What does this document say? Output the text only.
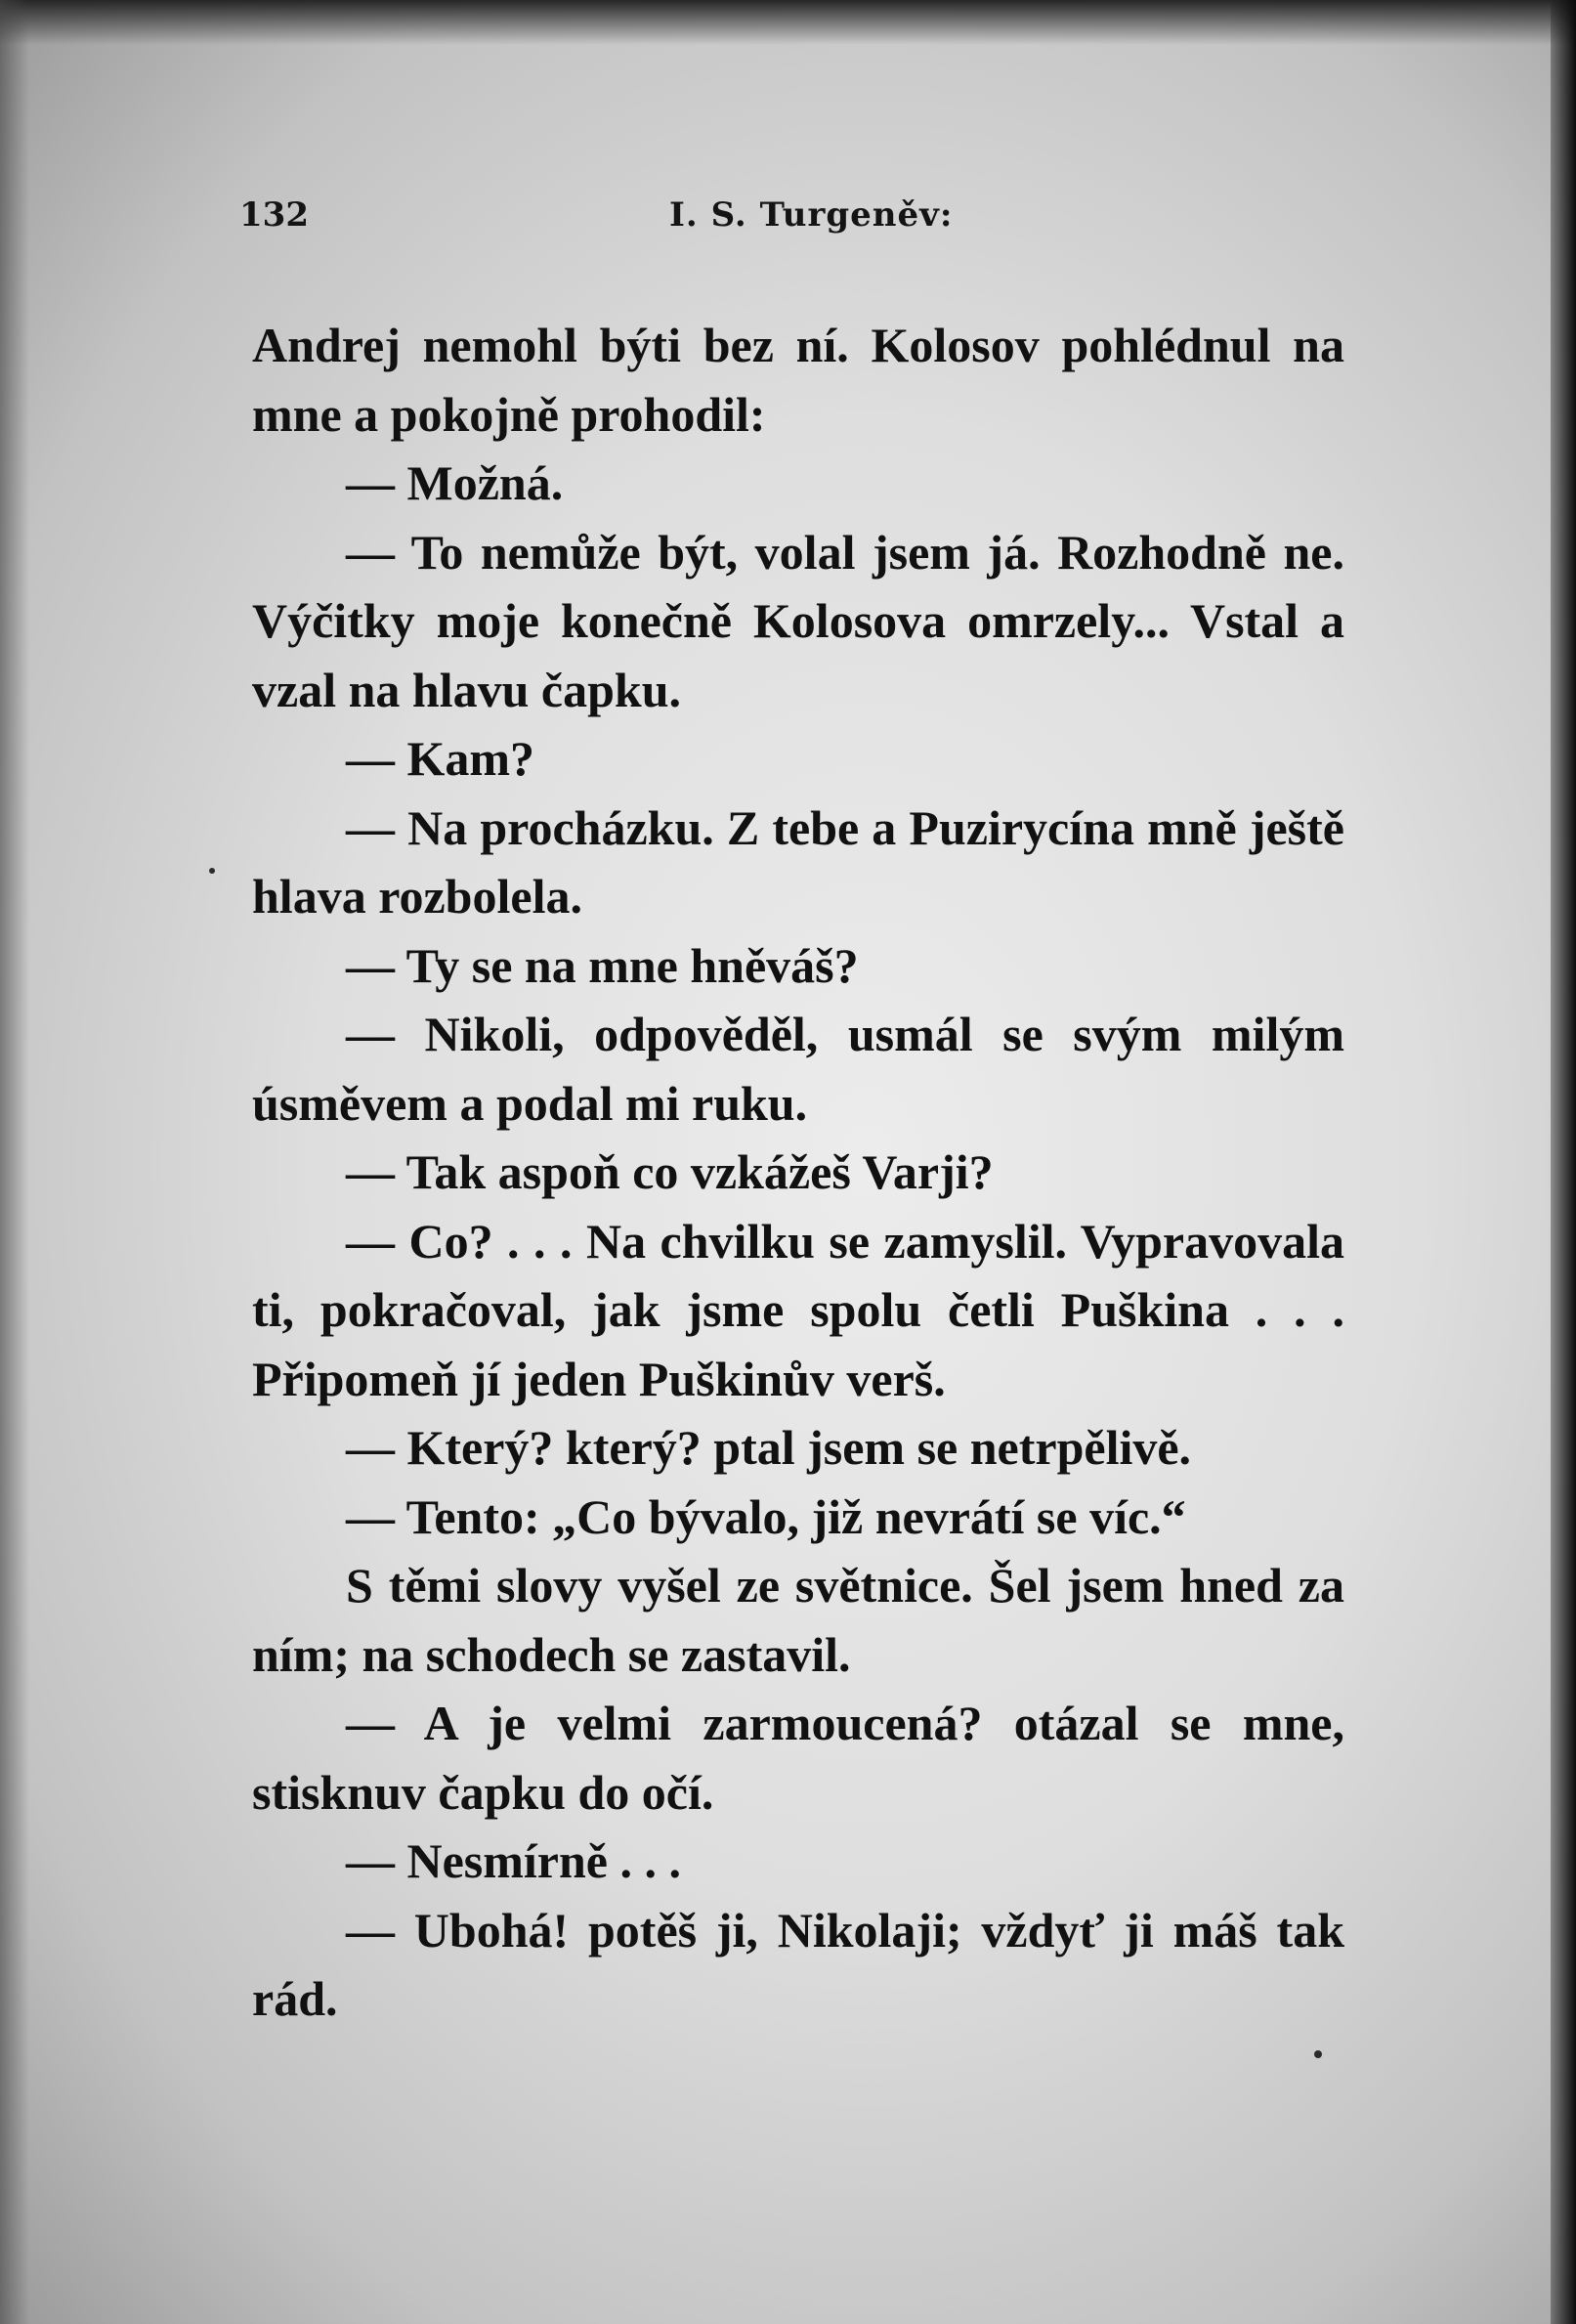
132	I. S. Turgeněv:

Andrej nemohl býti bez ní. Kolosov pohlédnul na mne a pokojně prohodil:

— Možná.

— To nemůže být, volal jsem já. Rozhodně ne. Výčitky moje konečně Kolosova omrzely... Vstal a vzal na hlavu čapku.

— Kam?

— Na procházku. Z tebe a Puzirycína mně ještě hlava rozbolela.

— Ty se na mne hněváš?

— Nikoli, odpověděl, usmál se svým milým úsměvem a podal mi ruku.

— Tak aspoň co vzkážeš Varji?

— Co? . . . Na chvilku se zamyslil. Vypravovala ti, pokračoval, jak jsme spolu četli Puškina . . . Připomeň jí jeden Puškinův verš.

— Který? který? ptal jsem se netrpělivě.

— Tento: „Co bývalo, již nevrátí se víc.“

S těmi slovy vyšel ze světnice. Šel jsem hned za ním; na schodech se zastavil.

— A je velmi zarmoucená? otázal se mne, stisknuv čapku do očí.

— Nesmírně . . .

— Ubohá! potěš ji, Nikolaji; vždyť ji máš tak rád.
